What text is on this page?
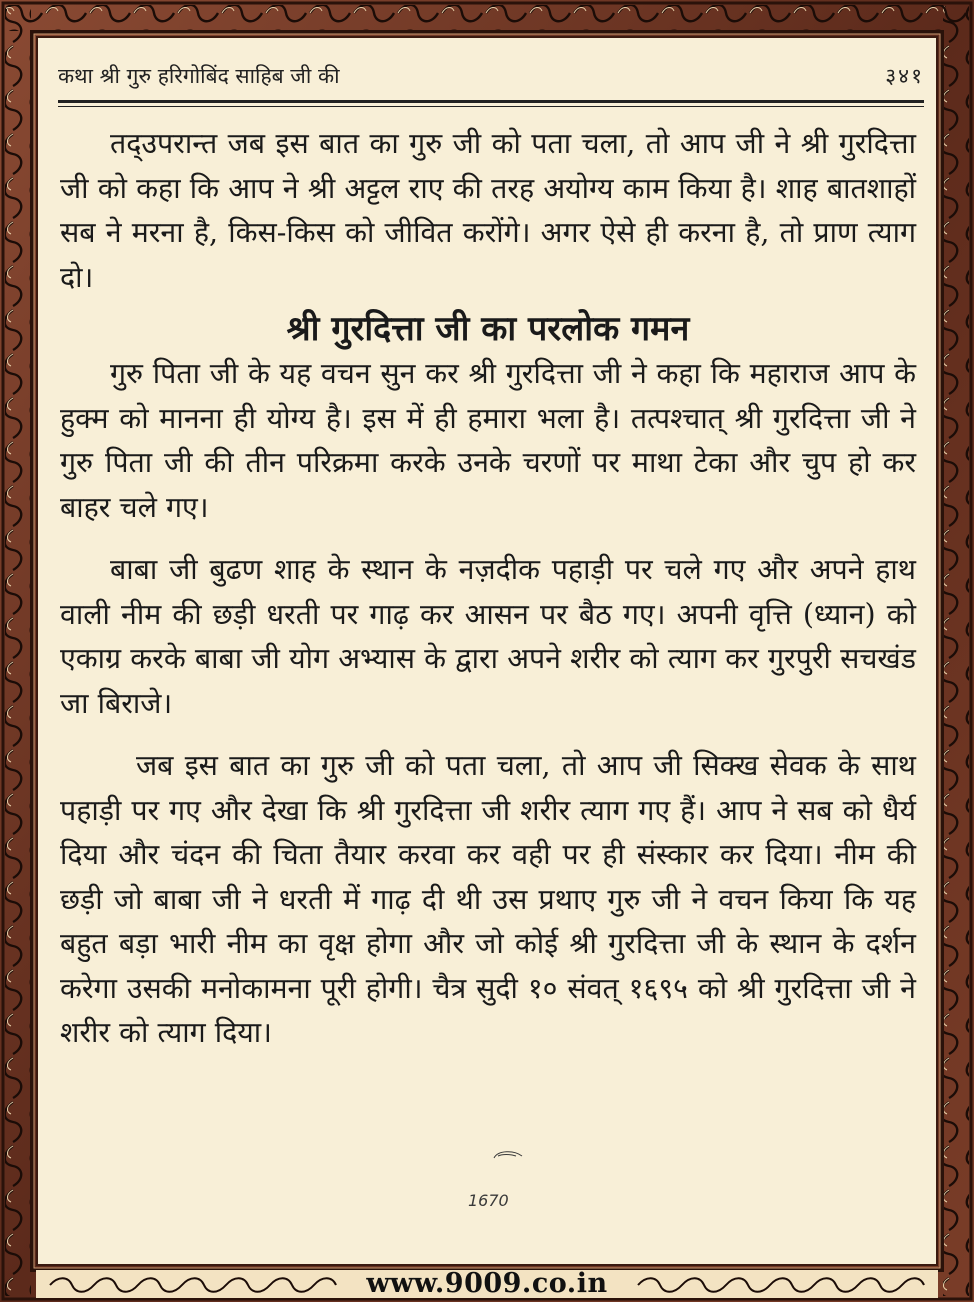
कथा श्री गुरु हरिगोबिंद साहिब जी की	३४१

तद्उपरान्त जब इस बात का गुरु जी को पता चला, तो आप जी ने श्री गुरदित्ता जी को कहा कि आप ने श्री अट्टल राए की तरह अयोग्य काम किया है। शाह बातशाहों सब ने मरना है, किस-किस को जीवित करोंगे। अगर ऐसे ही करना है, तो प्राण त्याग दो।

श्री गुरदित्ता जी का परलोक गमन

गुरु पिता जी के यह वचन सुन कर श्री गुरदित्ता जी ने कहा कि महाराज आप के हुक्म को मानना ही योग्य है। इस में ही हमारा भला है। तत्पश्चात् श्री गुरदित्ता जी ने गुरु पिता जी की तीन परिक्रमा करके उनके चरणों पर माथा टेका और चुप हो कर बाहर चले गए।

बाबा जी बुढण शाह के स्थान के नज़दीक पहाड़ी पर चले गए और अपने हाथ वाली नीम की छड़ी धरती पर गाढ़ कर आसन पर बैठ गए। अपनी वृत्ति (ध्यान) को एकाग्र करके बाबा जी योग अभ्यास के द्वारा अपने शरीर को त्याग कर गुरपुरी सचखंड जा बिराजे।

जब इस बात का गुरु जी को पता चला, तो आप जी सिक्ख सेवक के साथ पहाड़ी पर गए और देखा कि श्री गुरदित्ता जी शरीर त्याग गए हैं। आप ने सब को धैर्य दिया और चंदन की चिता तैयार करवा कर वही पर ही संस्कार कर दिया। नीम की छड़ी जो बाबा जी ने धरती में गाढ़ दी थी उस प्रथाए गुरु जी ने वचन किया कि यह बहुत बड़ा भारी नीम का वृक्ष होगा और जो कोई श्री गुरदित्ता जी के स्थान के दर्शन करेगा उसकी मनोकामना पूरी होगी। चैत्र सुदी १० संवत् १६९५ को श्री गुरदित्ता जी ने शरीर को त्याग दिया।

1670
www.9009.co.in
